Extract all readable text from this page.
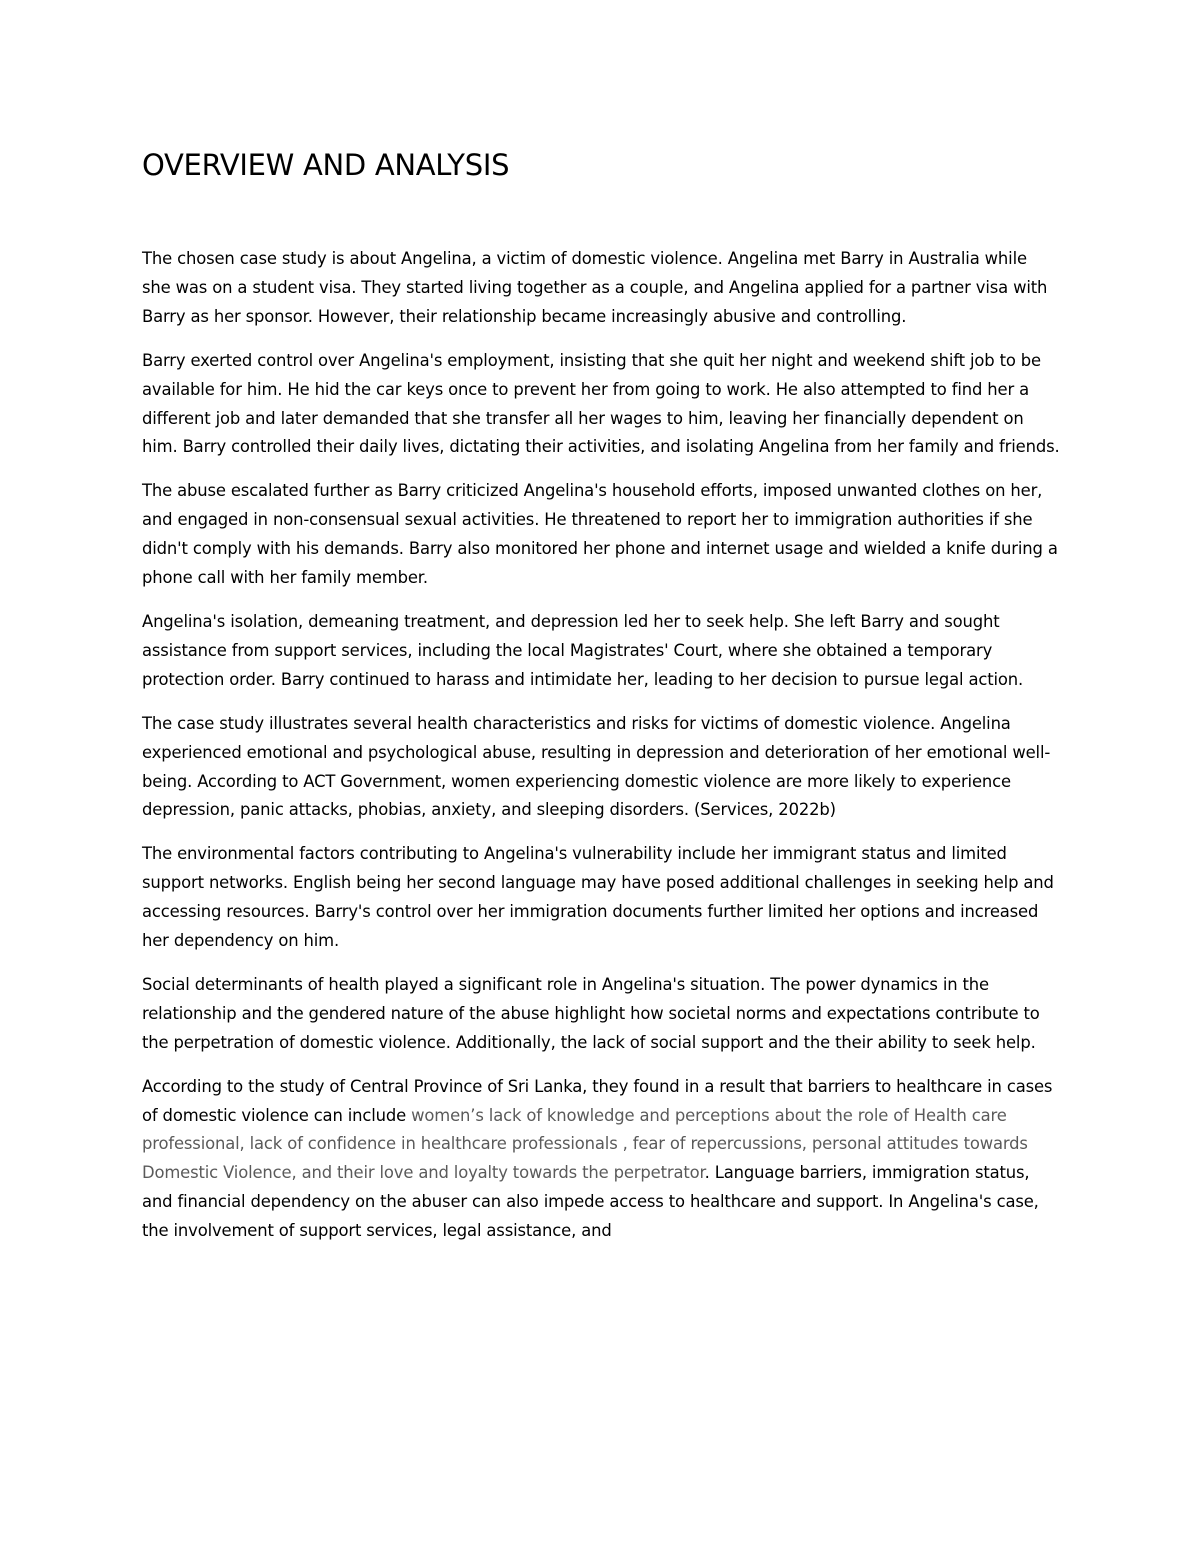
OVERVIEW AND ANALYSIS

The chosen case study is about Angelina, a victim of domestic violence. Angelina met Barry in Australia while she was on a student visa. They started living together as a couple, and Angelina applied for a partner visa with Barry as her sponsor. However, their relationship became increasingly abusive and controlling.

Barry exerted control over Angelina's employment, insisting that she quit her night and weekend shift job to be available for him. He hid the car keys once to prevent her from going to work. He also attempted to find her a different job and later demanded that she transfer all her wages to him, leaving her financially dependent on him. Barry controlled their daily lives, dictating their activities, and isolating Angelina from her family and friends.

The abuse escalated further as Barry criticized Angelina's household efforts, imposed unwanted clothes on her, and engaged in non-consensual sexual activities. He threatened to report her to immigration authorities if she didn't comply with his demands. Barry also monitored her phone and internet usage and wielded a knife during a phone call with her family member.

Angelina's isolation, demeaning treatment, and depression led her to seek help. She left Barry and sought assistance from support services, including the local Magistrates' Court, where she obtained a temporary protection order. Barry continued to harass and intimidate her, leading to her decision to pursue legal action.

The case study illustrates several health characteristics and risks for victims of domestic violence. Angelina experienced emotional and psychological abuse, resulting in depression and deterioration of her emotional well-being. According to ACT Government, women experiencing domestic violence are more likely to experience depression, panic attacks, phobias, anxiety, and sleeping disorders. (Services, 2022b)

The environmental factors contributing to Angelina's vulnerability include her immigrant status and limited support networks. English being her second language may have posed additional challenges in seeking help and accessing resources. Barry's control over her immigration documents further limited her options and increased her dependency on him.

Social determinants of health played a significant role in Angelina's situation. The power dynamics in the relationship and the gendered nature of the abuse highlight how societal norms and expectations contribute to the perpetration of domestic violence. Additionally, the lack of social support and the their ability to seek help.

According to the study of Central Province of Sri Lanka, they found in a result that barriers to healthcare in cases of domestic violence can include women’s lack of knowledge and perceptions about the role of Health care professional, lack of confidence in healthcare professionals , fear of repercussions, personal attitudes towards Domestic Violence, and their love and loyalty towards the perpetrator. Language barriers, immigration status, and financial dependency on the abuser can also impede access to healthcare and support. In Angelina's case, the involvement of support services, legal assistance, and
